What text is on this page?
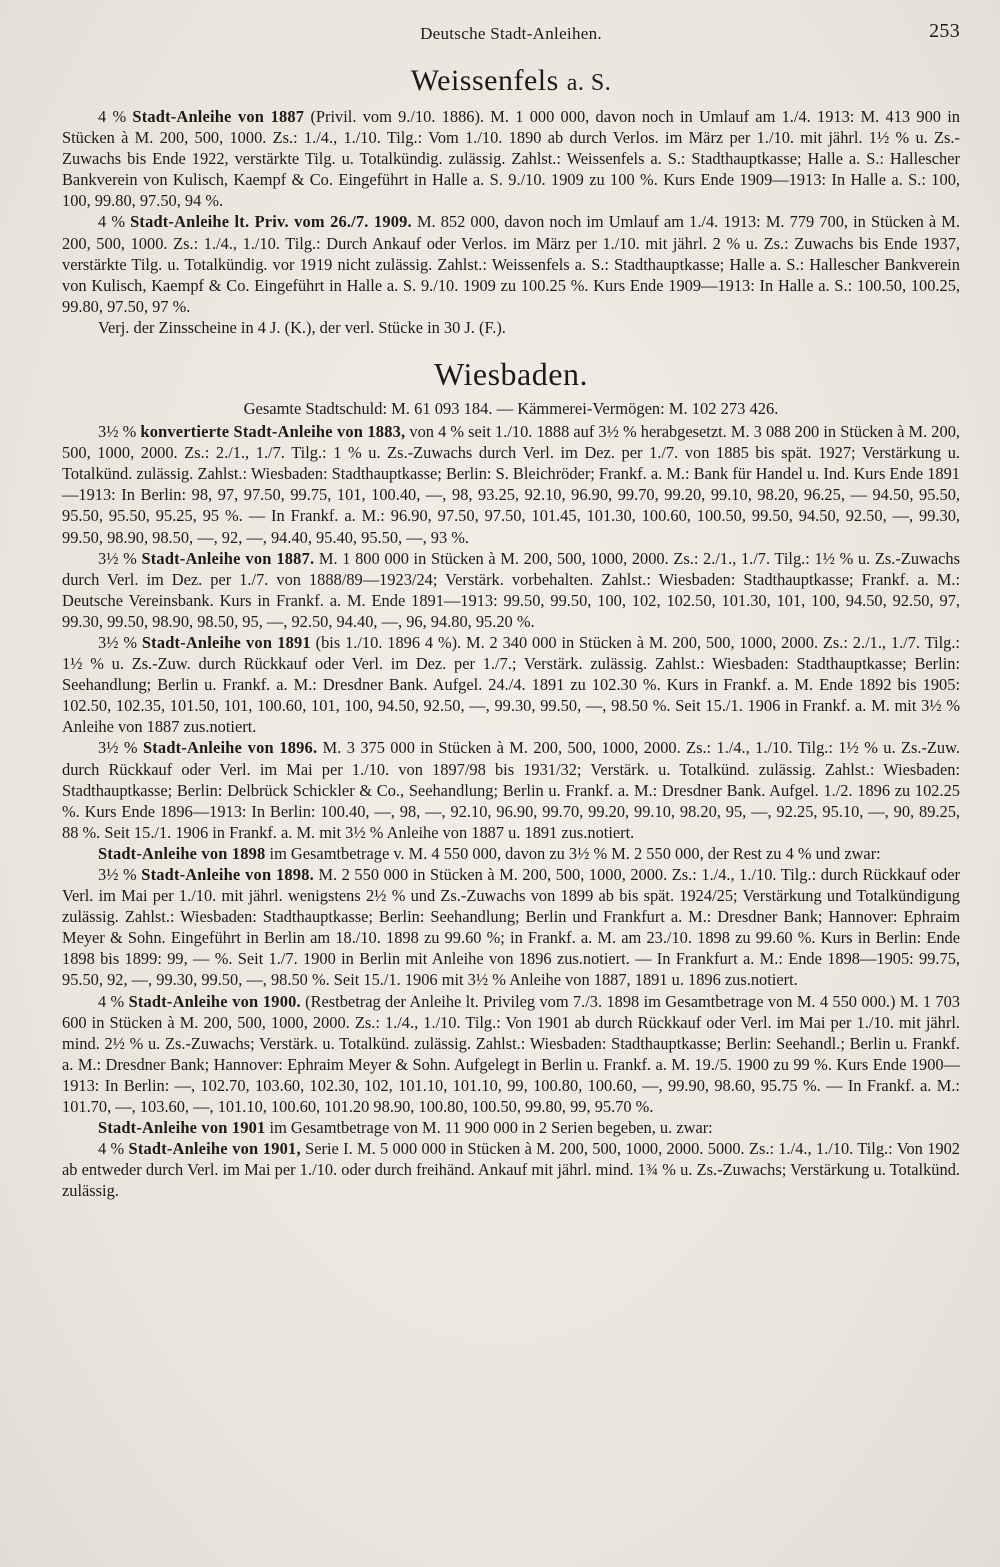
Deutsche Stadt-Anleihen.	253
Weissenfels a. S.

4 % Stadt-Anleihe von 1887 (Privil. vom 9./10. 1886). M. 1 000 000, davon noch in Umlauf am 1./4. 1913: M. 413 900 in Stücken à M. 200, 500, 1000. Zs.: 1./4., 1./10. Tilg.: Vom 1./10. 1890 ab durch Verlos. im März per 1./10. mit jährl. 1½ % u. Zs.-Zuwachs bis Ende 1922, verstärkte Tilg. u. Totalkündig. zulässig. Zahlst.: Weissenfels a. S.: Stadthauptkasse; Halle a. S.: Hallescher Bankverein von Kulisch, Kaempf & Co. Eingeführt in Halle a. S. 9./10. 1909 zu 100 %. Kurs Ende 1909—1913: In Halle a. S.: 100, 100, 99.80, 97.50, 94 %.

4 % Stadt-Anleihe lt. Priv. vom 26./7. 1909. M. 852 000, davon noch im Umlauf am 1./4. 1913: M. 779 700, in Stücken à M. 200, 500, 1000. Zs.: 1./4., 1./10. Tilg.: Durch Ankauf oder Verlos. im März per 1./10. mit jährl. 2 % u. Zs.: Zuwachs bis Ende 1937, verstärkte Tilg. u. Totalkündig. vor 1919 nicht zulässig. Zahlst.: Weissenfels a. S.: Stadthauptkasse; Halle a. S.: Hallescher Bankverein von Kulisch, Kaempf & Co. Eingeführt in Halle a. S. 9./10. 1909 zu 100.25 %. Kurs Ende 1909—1913: In Halle a. S.: 100.50, 100.25, 99.80, 97.50, 97 %.

Verj. der Zinsscheine in 4 J. (K.), der verl. Stücke in 30 J. (F.).

Wiesbaden.
Gesamte Stadtschuld: M. 61 093 184. — Kämmerei-Vermögen: M. 102 273 426.

3½ % konvertierte Stadt-Anleihe von 1883, von 4 % seit 1./10. 1888 auf 3½ % herabgesetzt. M. 3 088 200 in Stücken à M. 200, 500, 1000, 2000. Zs.: 2./1., 1./7. Tilg.: 1 % u. Zs.-Zuwachs durch Verl. im Dez. per 1./7. von 1885 bis spät. 1927; Verstärkung u. Totalkünd. zulässig. Zahlst.: Wiesbaden: Stadthauptkasse; Berlin: S. Bleichröder; Frankf. a. M.: Bank für Handel u. Ind. Kurs Ende 1891—1913: In Berlin: 98, 97, 97.50, 99.75, 101, 100.40, —, 98, 93.25, 92.10, 96.90, 99.70, 99.20, 99.10, 98.20, 96.25, — 94.50, 95.50, 95.50, 95.50, 95.25, 95 %. — In Frankf. a. M.: 96.90, 97.50, 97.50, 101.45, 101.30, 100.60, 100.50, 99.50, 94.50, 92.50, —, 99.30, 99.50, 98.90, 98.50, —, 92, —, 94.40, 95.40, 95.50, —, 93 %.

3½ % Stadt-Anleihe von 1887. M. 1 800 000 in Stücken à M. 200, 500, 1000, 2000. Zs.: 2./1., 1./7. Tilg.: 1½ % u. Zs.-Zuwachs durch Verl. im Dez. per 1./7. von 1888/89—1923/24; Verstärk. vorbehalten. Zahlst.: Wiesbaden: Stadthauptkasse; Frankf. a. M.: Deutsche Vereinsbank. Kurs in Frankf. a. M. Ende 1891—1913: 99.50, 99.50, 100, 102, 102.50, 101.30, 101, 100, 94.50, 92.50, 97, 99.30, 99.50, 98.90, 98.50, 95, —, 92.50, 94.40, —, 96, 94.80, 95.20 %.

3½ % Stadt-Anleihe von 1891 (bis 1./10. 1896 4 %). M. 2 340 000 in Stücken à M. 200, 500, 1000, 2000. Zs.: 2./1., 1./7. Tilg.: 1½ % u. Zs.-Zuw. durch Rückkauf oder Verl. im Dez. per 1./7.; Verstärk. zulässig. Zahlst.: Wiesbaden: Stadthauptkasse; Berlin: Seehandlung; Berlin u. Frankf. a. M.: Dresdner Bank. Aufgel. 24./4. 1891 zu 102.30 %. Kurs in Frankf. a. M. Ende 1892 bis 1905: 102.50, 102.35, 101.50, 101, 100.60, 101, 100, 94.50, 92.50, —, 99.30, 99.50, —, 98.50 %. Seit 15./1. 1906 in Frankf. a. M. mit 3½ % Anleihe von 1887 zus.notiert.

3½ % Stadt-Anleihe von 1896. M. 3 375 000 in Stücken à M. 200, 500, 1000, 2000. Zs.: 1./4., 1./10. Tilg.: 1½ % u. Zs.-Zuw. durch Rückkauf oder Verl. im Mai per 1./10. von 1897/98 bis 1931/32; Verstärk. u. Totalkünd. zulässig. Zahlst.: Wiesbaden: Stadthauptkasse; Berlin: Delbrück Schickler & Co., Seehandlung; Berlin u. Frankf. a. M.: Dresdner Bank. Aufgel. 1./2. 1896 zu 102.25 %. Kurs Ende 1896—1913: In Berlin: 100.40, —, 98, —, 92.10, 96.90, 99.70, 99.20, 99.10, 98.20, 95, —, 92.25, 95.10, —, 90, 89.25, 88 %. Seit 15./1. 1906 in Frankf. a. M. mit 3½ % Anleihe von 1887 u. 1891 zus.notiert.

Stadt-Anleihe von 1898 im Gesamtbetrage v. M. 4 550 000, davon zu 3½ % M. 2 550 000, der Rest zu 4 % und zwar:

3½ % Stadt-Anleihe von 1898. M. 2 550 000 in Stücken à M. 200, 500, 1000, 2000. Zs.: 1./4., 1./10. Tilg.: durch Rückkauf oder Verl. im Mai per 1./10. mit jährl. wenigstens 2½ % und Zs.-Zuwachs von 1899 ab bis spät. 1924/25; Verstärkung und Totalkündigung zulässig. Zahlst.: Wiesbaden: Stadthauptkasse; Berlin: Seehandlung; Berlin und Frankfurt a. M.: Dresdner Bank; Hannover: Ephraim Meyer & Sohn. Eingeführt in Berlin am 18./10. 1898 zu 99.60 %; in Frankf. a. M. am 23./10. 1898 zu 99.60 %. Kurs in Berlin: Ende 1898 bis 1899: 99, — %. Seit 1./7. 1900 in Berlin mit Anleihe von 1896 zus.notiert. — In Frankfurt a. M.: Ende 1898—1905: 99.75, 95.50, 92, —, 99.30, 99.50, —, 98.50 %. Seit 15./1. 1906 mit 3½ % Anleihe von 1887, 1891 u. 1896 zus.notiert.

4 % Stadt-Anleihe von 1900. (Restbetrag der Anleihe lt. Privileg vom 7./3. 1898 im Gesamtbetrage von M. 4 550 000.) M. 1 703 600 in Stücken à M. 200, 500, 1000, 2000. Zs.: 1./4., 1./10. Tilg.: Von 1901 ab durch Rückkauf oder Verl. im Mai per 1./10. mit jährl. mind. 2½ % u. Zs.-Zuwachs; Verstärk. u. Totalkünd. zulässig. Zahlst.: Wiesbaden: Stadthauptkasse; Berlin: Seehandl.; Berlin u. Frankf. a. M.: Dresdner Bank; Hannover: Ephraim Meyer & Sohn. Aufgelegt in Berlin u. Frankf. a. M. 19./5. 1900 zu 99 %. Kurs Ende 1900—1913: In Berlin: —, 102.70, 103.60, 102.30, 102, 101.10, 101.10, 99, 100.80, 100.60, —, 99.90, 98.60, 95.75 %. — In Frankf. a. M.: 101.70, —, 103.60, —, 101.10, 100.60, 101.20 98.90, 100.80, 100.50, 99.80, 99, 95.70 %.

Stadt-Anleihe von 1901 im Gesamtbetrage von M. 11 900 000 in 2 Serien begeben, u. zwar:

4 % Stadt-Anleihe von 1901, Serie I. M. 5 000 000 in Stücken à M. 200, 500, 1000, 2000. 5000. Zs.: 1./4., 1./10. Tilg.: Von 1902 ab entweder durch Verl. im Mai per 1./10. oder durch freihänd. Ankauf mit jährl. mind. 1¾ % u. Zs.-Zuwachs; Verstärkung u. Totalkünd. zulässig.
